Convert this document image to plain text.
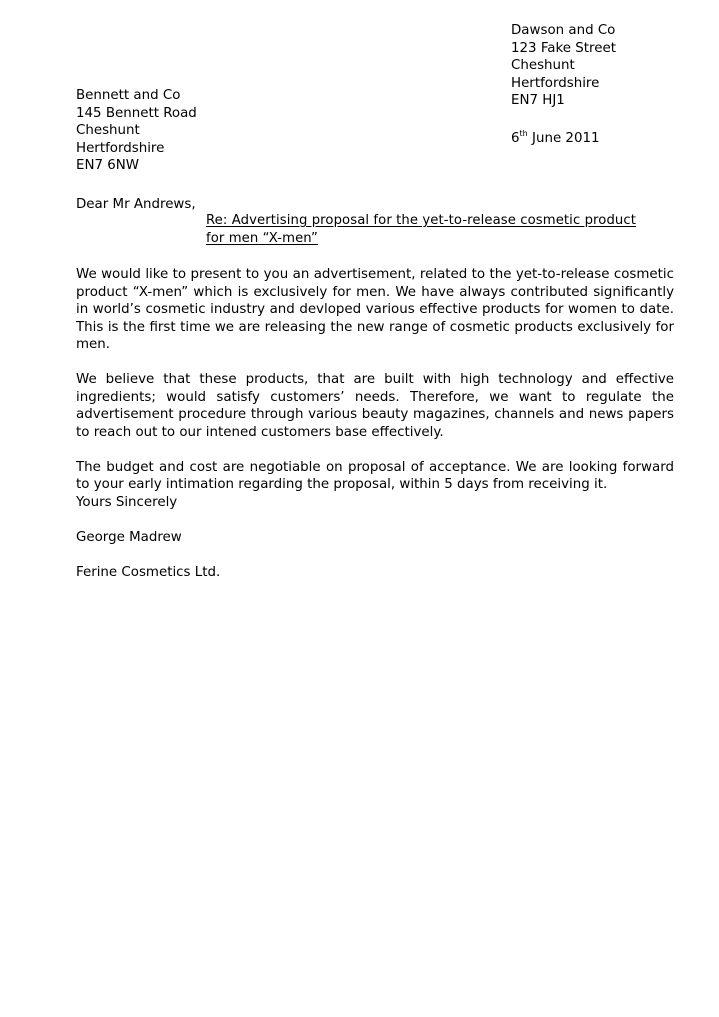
Dawson and Co
123 Fake Street
Cheshunt
Hertfordshire
EN7 HJ1
6th June 2011
Bennett and Co
145 Bennett Road
Cheshunt
Hertfordshire
EN7 6NW
Dear Mr Andrews,
Re: Advertising proposal for the yet-to-release cosmetic product for men “X-men”

We would like to present to you an advertisement, related to the yet-to-release cosmetic product “X-men” which is exclusively for men. We have always contributed significantly in world’s cosmetic industry and devloped various effective products for women to date. This is the first time we are releasing the new range of cosmetic products exclusively for men.

We believe that these products, that are built with high technology and effective ingredients; would satisfy customers’ needs. Therefore, we want to regulate the advertisement procedure through various beauty magazines, channels and news papers to reach out to our intened customers base effectively.

The budget and cost are negotiable on proposal of acceptance. We are looking forward to your early intimation regarding the proposal, within 5 days from receiving it.

Yours Sincerely
George Madrew
Ferine Cosmetics Ltd.
